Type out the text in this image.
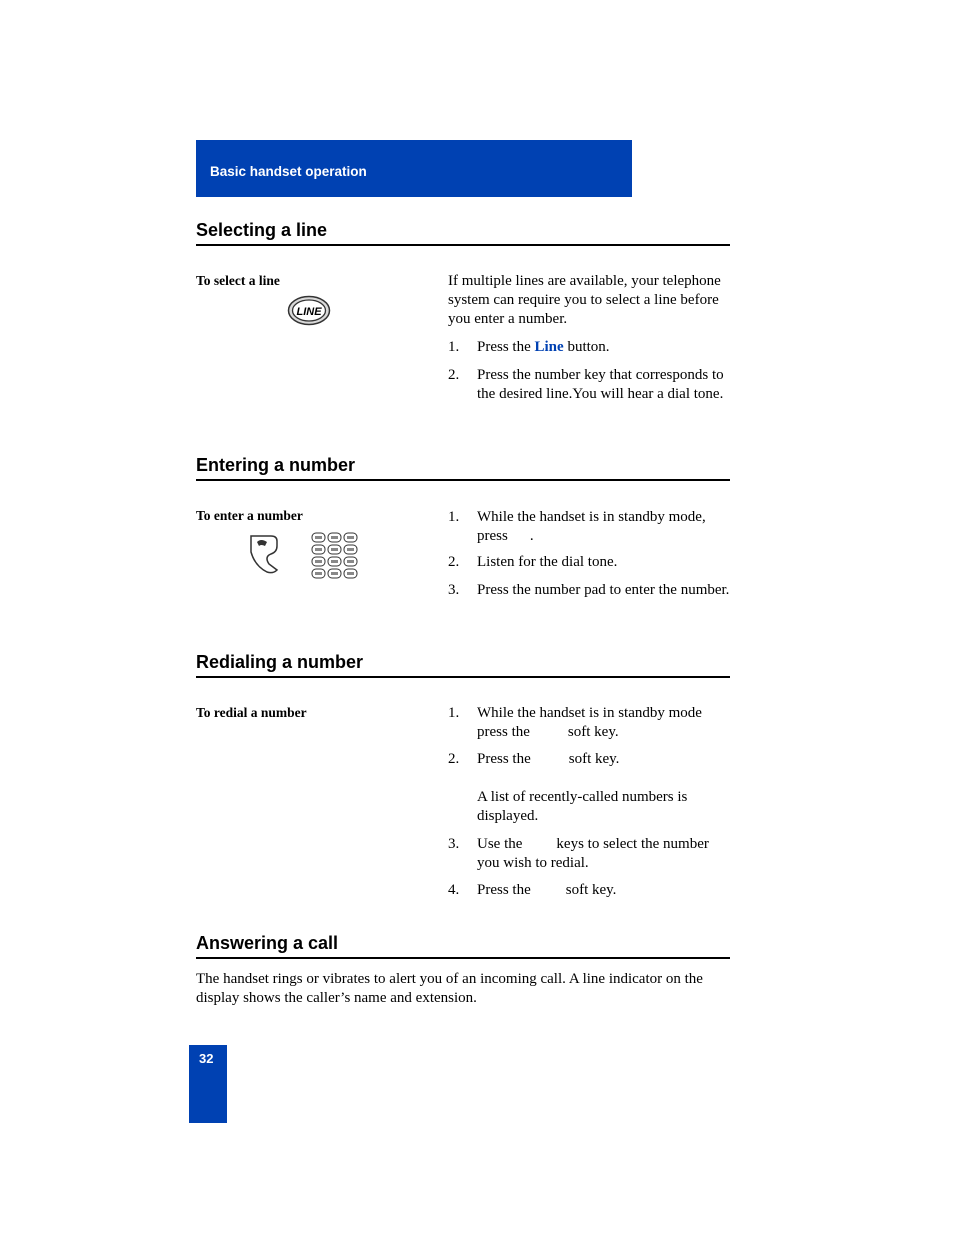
Basic handset operation
Selecting a line
To select a line
LINE
If multiple lines are available, your telephone system can require you to select a line before you enter a number.
1. Press the Line button.
2. Press the number key that corresponds to the desired line.You will hear a dial tone.
Entering a number
To enter a number	1. While the handset is in standby mode, press .
2. Listen for the dial tone.
3. Press the number pad to enter the number.
Redialing a number
To redial a number	1. While the handset is in standby mode press the	soft key.
2. Press the	soft key.
A list of recently-called numbers is displayed.
3. Use the keys to select the number you wish to redial.
4. Press the soft key.
Answering a call
The handset rings or vibrates to alert you of an incoming call. A line indicator on the display shows the caller’s name and extension.
32
